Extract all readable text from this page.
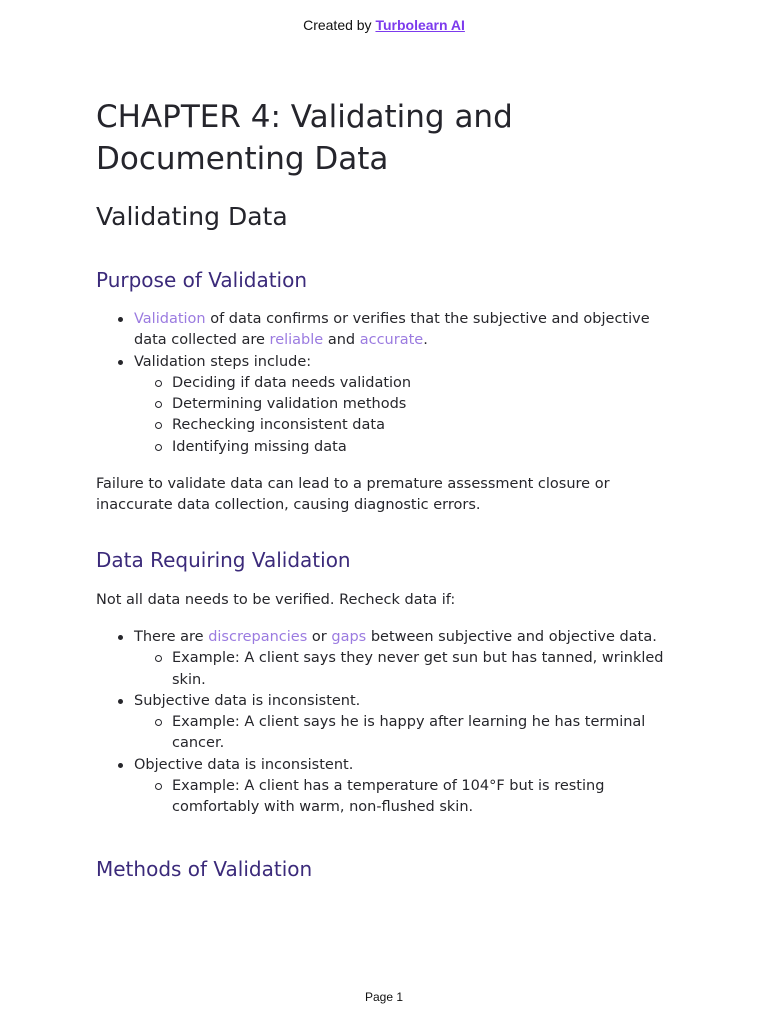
Created by Turbolearn AI
CHAPTER 4: Validating and Documenting Data
Validating Data
Purpose of Validation
Validation of data confirms or verifies that the subjective and objective data collected are reliable and accurate.
Validation steps include:
Deciding if data needs validation
Determining validation methods
Rechecking inconsistent data
Identifying missing data

Failure to validate data can lead to a premature assessment closure or inaccurate data collection, causing diagnostic errors.

Data Requiring Validation

Not all data needs to be verified. Recheck data if:

There are discrepancies or gaps between subjective and objective data.
Example: A client says they never get sun but has tanned, wrinkled skin.
Subjective data is inconsistent.
Example: A client says he is happy after learning he has terminal cancer.
Objective data is inconsistent.
Example: A client has a temperature of 104°F but is resting comfortably with warm, non-flushed skin.
Methods of Validation
Page 1
